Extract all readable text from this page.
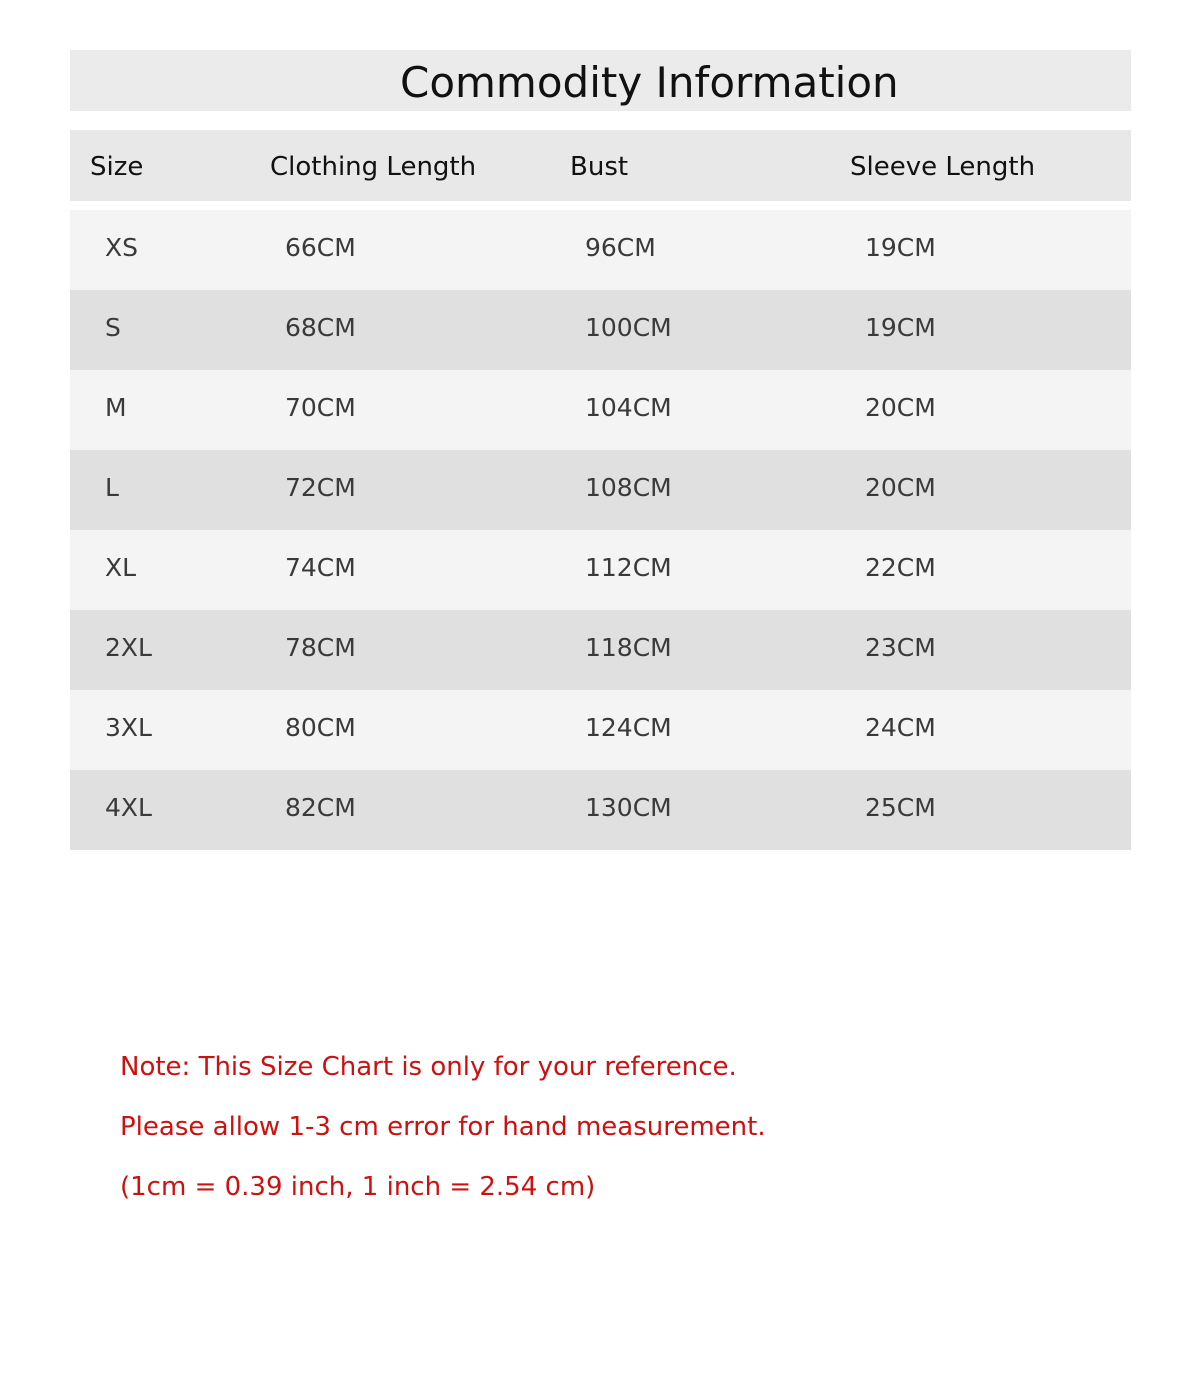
Commodity Information
Size	Clothing Length	Bust	Sleeve Length
XS	66CM	96CM	19CM
S	68CM	100CM	19CM
M	70CM	104CM	20CM
L	72CM	108CM	20CM
XL	74CM	112CM	22CM
2XL	78CM	118CM	23CM
3XL	80CM	124CM	24CM
4XL	82CM	130CM	25CM
Note: This Size Chart is only for your reference.
Please allow 1-3 cm error for hand measurement.
(1cm = 0.39 inch, 1 inch = 2.54 cm)
